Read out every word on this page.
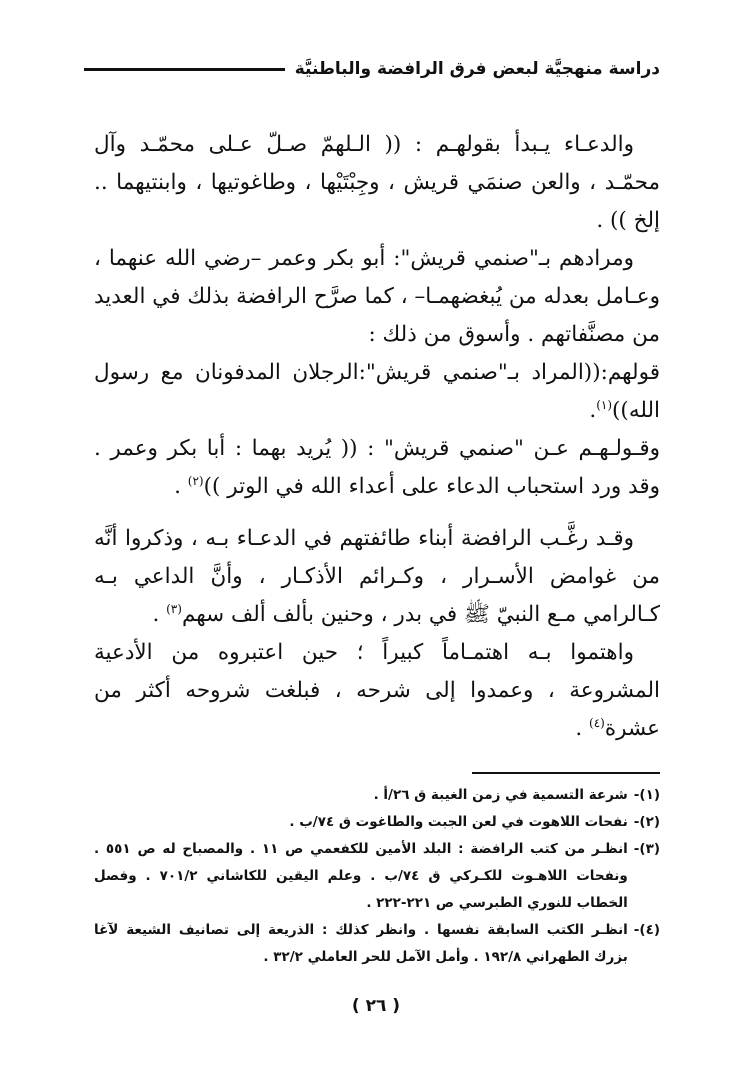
دراسة منهجيَّة لبعض فرق الرافضة والباطنيَّة

والدعـاء يـبدأ بقولهـم : (( الـلهمّ صـلّ عـلى محمّـد وآل محمّـد ، والعن صنمَي قريش ، وجِبْتَيْها ، وطاغوتيها ، وابنتيهما .. إلخ )) .

ومرادهم بـ"صنمي قريش": أبو بكر وعمر –رضي الله عنهما ، وعـامل بعدله من يُبغضهمـا– ، كما صرَّح الرافضة بذلك في العديد من مصنَّفاتهم . وأسوق من ذلك :

قولهم:((المراد بـ"صنمي قريش":الرجلان المدفونان مع رسول الله))$^{(١)}$.

وقـولـهـم عـن "صنمي قريش" : (( يُريد بهما : أبا بكر وعمر . وقد ورد استحباب الدعاء على أعداء الله في الوتر ))$^{(٢)}$ .

وقـد رغَّـب الرافضة أبناء طائفتهم في الدعـاء بـه ، وذكروا أنَّه من غوامض الأسـرار ، وكـرائم الأذكـار ، وأنَّ الداعي بـه كـالرامي مـع النبيّ ﷺ في بدر ، وحنين بألف ألف سهم$^{(٣)}$ .

واهتموا بـه اهتمـاماً كبيراً ؛ حين اعتبروه من الأدعية المشروعة ، وعمدوا إلى شرحه ، فبلغت شروحه أكثر من عشرة$^{(٤)}$ .

(١)-
شرعة التسمية في زمن الغيبة ق ٢٦/أ .
(٢)-
نفحات اللاهوت في لعن الجبت والطاغوت ق ٧٤/ب .
(٣)-
انظـر من كتب الرافضة : البلد الأمين للكفعمي ص ١١ . والمصباح له ص ٥٥١ . ونفحات اللاهـوت للكـركي ق ٧٤/ب . وعلم اليقين للكاشاني ٧٠١/٢ . وفصل الخطاب للنوري الطبرسي ص ٢٢١-٢٢٢ .
(٤)-
انظـر الكتب السابقة نفسها . وانظر كذلك : الذريعة إلى تصانيف الشيعة لآغا بزرك الطهراني ١٩٢/٨ . وأمل الآمل للحر العاملي ٣٢/٢ .
( ٢٦ )
